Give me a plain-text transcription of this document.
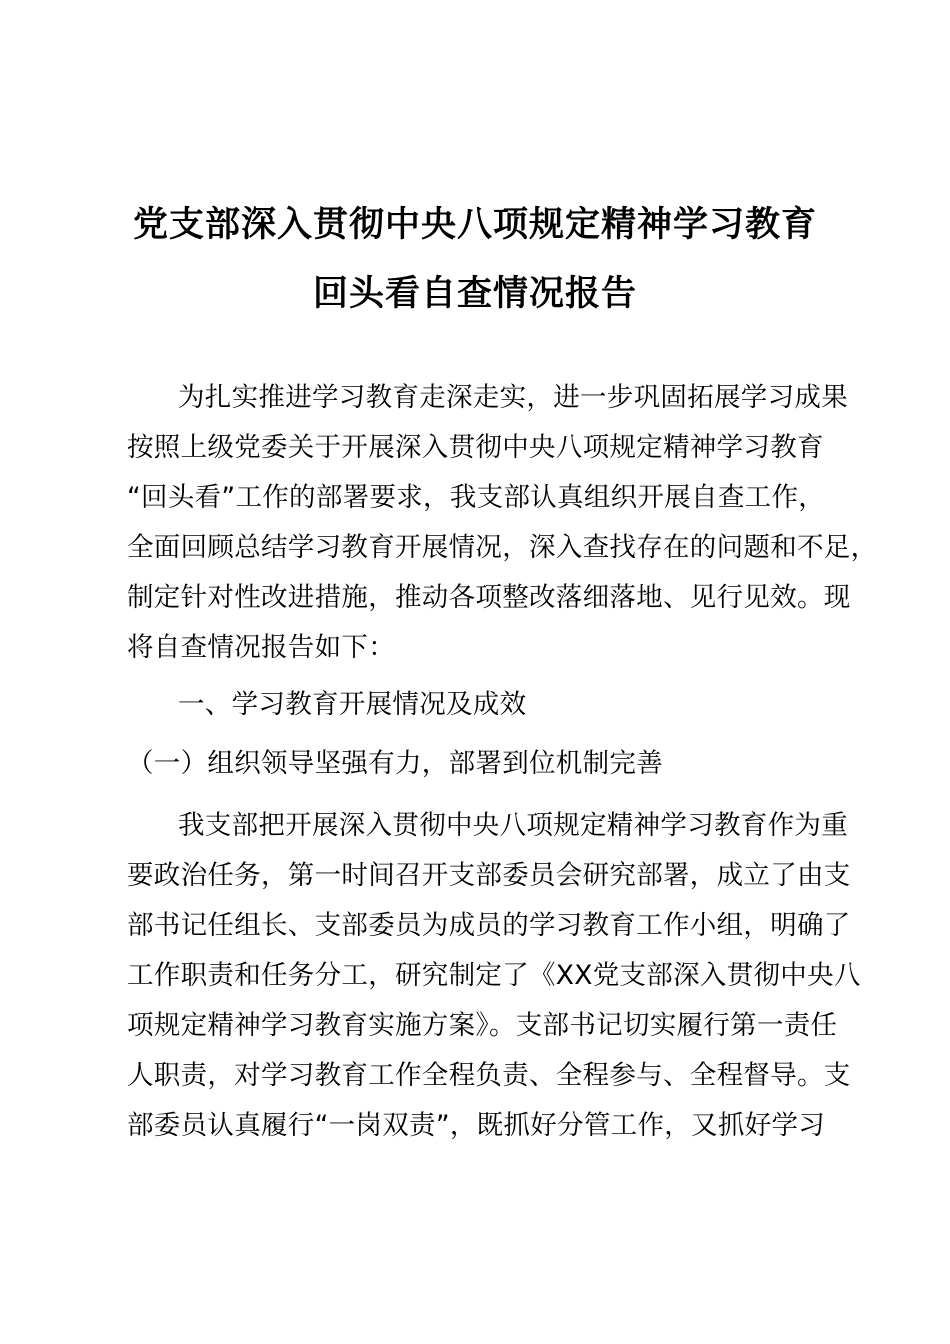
党支部深入贯彻中央八项规定精神学习教育
回头看自查情况报告
为扎实推进学习教育走深走实，进一步巩固拓展学习成果
按照上级党委关于开展深入贯彻中央八项规定精神学习教育
“回头看”工作的部署要求，我支部认真组织开展自查工作，
全面回顾总结学习教育开展情况，深入查找存在的问题和不足，
制定针对性改进措施，推动各项整改落细落地、见行见效。现
将自查情况报告如下：
一、学习教育开展情况及成效
（一）组织领导坚强有力，部署到位机制完善
我支部把开展深入贯彻中央八项规定精神学习教育作为重
要政治任务，第一时间召开支部委员会研究部署，成立了由支
部书记任组长、支部委员为成员的学习教育工作小组，明确了
工作职责和任务分工，研究制定了《XX党支部深入贯彻中央八
项规定精神学习教育实施方案》。支部书记切实履行第一责任
人职责，对学习教育工作全程负责、全程参与、全程督导。支
部委员认真履行“一岗双责”，既抓好分管工作，又抓好学习
